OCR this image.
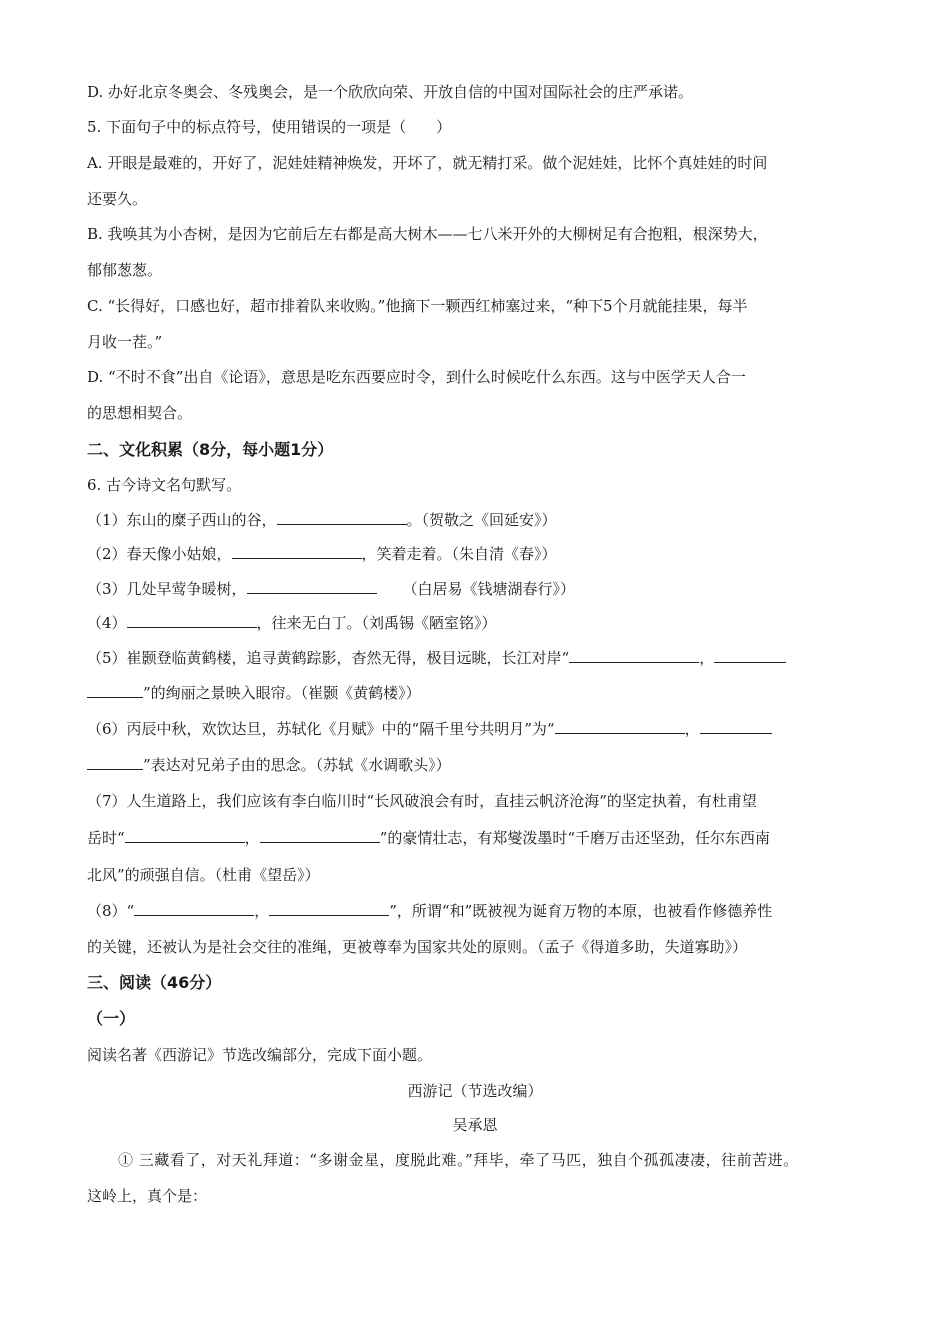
D. 办好北京冬奥会、冬残奥会，是一个欣欣向荣、开放自信的中国对国际社会的庄严承诺。
5. 下面句子中的标点符号，使用错误的一项是（　　）
A. 开眼是最难的，开好了，泥娃娃精神焕发，开坏了，就无精打采。做个泥娃娃，比怀个真娃娃的时间
还要久。
B. 我唤其为小杏树，是因为它前后左右都是高大树木——七八米开外的大柳树足有合抱粗，根深势大，
郁郁葱葱。
C. “长得好，口感也好，超市排着队来收购。”他摘下一颗西红柿塞过来，“种下5个月就能挂果，每半
月收一茬。”
D. “不时不食”出自《论语》，意思是吃东西要应时令，到什么时候吃什么东西。这与中医学天人合一
的思想相契合。
二、文化积累（8分，每小题1分）
6. 古今诗文名句默写。
（1）东山的糜子西山的谷，	。（贺敬之《回延安》）
（2）春天像小姑娘，	，笑着走着。（朱自清《春》）
（3）几处早莺争暖树，	（白居易《钱塘湖春行》）
（4）	，往来无白丁。（刘禹锡《陋室铭》）
（5）崔颢登临黄鹤楼，追寻黄鹤踪影，杳然无得，极目远眺，长江对岸“	，
”的绚丽之景映入眼帘。（崔颢《黄鹤楼》）
（6）丙辰中秋，欢饮达旦，苏轼化《月赋》中的“隔千里兮共明月”为“	，
”表达对兄弟子由的思念。（苏轼《水调歌头》）
（7）人生道路上，我们应该有李白临川时“长风破浪会有时，直挂云帆济沧海”的坚定执着，有杜甫望
岳时“	，	”的豪情壮志，有郑燮泼墨时“千磨万击还坚劲，任尔东西南
北风”的顽强自信。（杜甫《望岳》）
（8）“	，	”，所谓“和”既被视为诞育万物的本原，也被看作修德养性
的关键，还被认为是社会交往的准绳，更被尊奉为国家共处的原则。（孟子《得道多助，失道寡助》）
三、阅读（46分）
（一）
阅读名著《西游记》节选改编部分，完成下面小题。
西游记（节选改编）
吴承恩
① 三藏看了，对天礼拜道：“多谢金星，度脱此难。”拜毕，牵了马匹，独自个孤孤凄凄，往前苦进。
这岭上，真个是：
